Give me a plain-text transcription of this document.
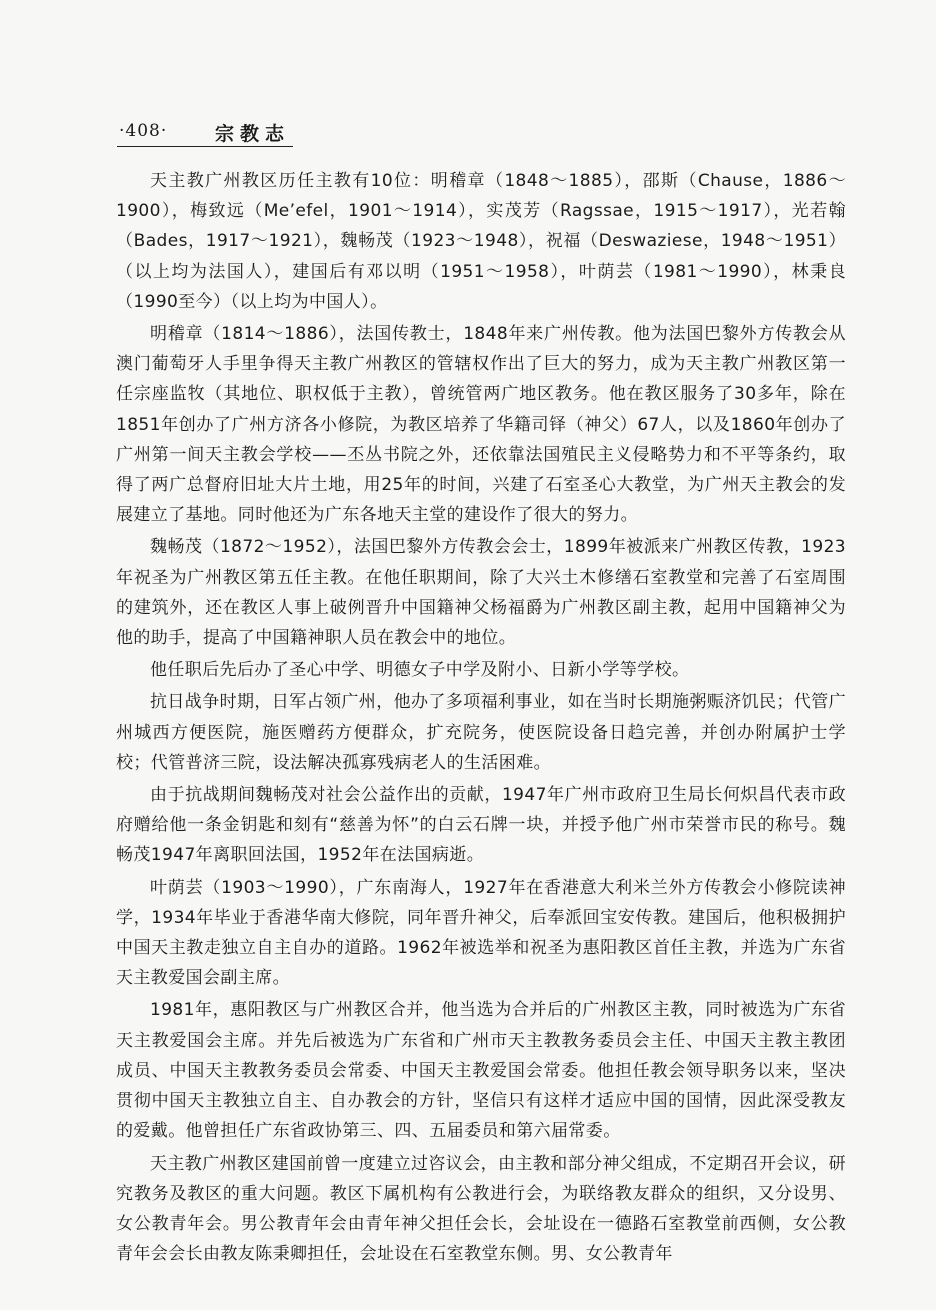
·408·	宗教志

天主教广州教区历任主教有10位：明稽章（1848～1885），邵斯（Chause，1886～1900），梅致远（Me’efel，1901～1914），实茂芳（Ragssae，1915～1917），光若翰（Bades，1917～1921），魏畅茂（1923～1948），祝福（Deswaziese，1948～1951）（以上均为法国人），建国后有邓以明（1951～1958），叶荫芸（1981～1990），林秉良（1990至今）（以上均为中国人）。

明稽章（1814～1886），法国传教士，1848年来广州传教。他为法国巴黎外方传教会从澳门葡萄牙人手里争得天主教广州教区的管辖权作出了巨大的努力，成为天主教广州教区第一任宗座监牧（其地位、职权低于主教），曾统管两广地区教务。他在教区服务了30多年，除在1851年创办了广州方济各小修院，为教区培养了华籍司铎（神父）67人，以及1860年创办了广州第一间天主教会学校——丕丛书院之外，还依靠法国殖民主义侵略势力和不平等条约，取得了两广总督府旧址大片土地，用25年的时间，兴建了石室圣心大教堂，为广州天主教会的发展建立了基地。同时他还为广东各地天主堂的建设作了很大的努力。

魏畅茂（1872～1952），法国巴黎外方传教会会士，1899年被派来广州教区传教，1923年祝圣为广州教区第五任主教。在他任职期间，除了大兴土木修缮石室教堂和完善了石室周围的建筑外，还在教区人事上破例晋升中国籍神父杨福爵为广州教区副主教，起用中国籍神父为他的助手，提高了中国籍神职人员在教会中的地位。

他任职后先后办了圣心中学、明德女子中学及附小、日新小学等学校。

抗日战争时期，日军占领广州，他办了多项福利事业，如在当时长期施粥赈济饥民；代管广州城西方便医院，施医赠药方便群众，扩充院务，使医院设备日趋完善，并创办附属护士学校；代管普济三院，设法解决孤寡残病老人的生活困难。

由于抗战期间魏畅茂对社会公益作出的贡献，1947年广州市政府卫生局长何炽昌代表市政府赠给他一条金钥匙和刻有“慈善为怀”的白云石牌一块，并授予他广州市荣誉市民的称号。魏畅茂1947年离职回法国，1952年在法国病逝。

叶荫芸（1903～1990），广东南海人，1927年在香港意大利米兰外方传教会小修院读神学，1934年毕业于香港华南大修院，同年晋升神父，后奉派回宝安传教。建国后，他积极拥护中国天主教走独立自主自办的道路。1962年被选举和祝圣为惠阳教区首任主教，并选为广东省天主教爱国会副主席。

1981年，惠阳教区与广州教区合并，他当选为合并后的广州教区主教，同时被选为广东省天主教爱国会主席。并先后被选为广东省和广州市天主教教务委员会主任、中国天主教主教团成员、中国天主教教务委员会常委、中国天主教爱国会常委。他担任教会领导职务以来，坚决贯彻中国天主教独立自主、自办教会的方针，坚信只有这样才适应中国的国情，因此深受教友的爱戴。他曾担任广东省政协第三、四、五届委员和第六届常委。

天主教广州教区建国前曾一度建立过咨议会，由主教和部分神父组成，不定期召开会议，研究教务及教区的重大问题。教区下属机构有公教进行会，为联络教友群众的组织，又分设男、女公教青年会。男公教青年会由青年神父担任会长，会址设在一德路石室教堂前西侧，女公教青年会会长由教友陈秉卿担任，会址设在石室教堂东侧。男、女公教青年
